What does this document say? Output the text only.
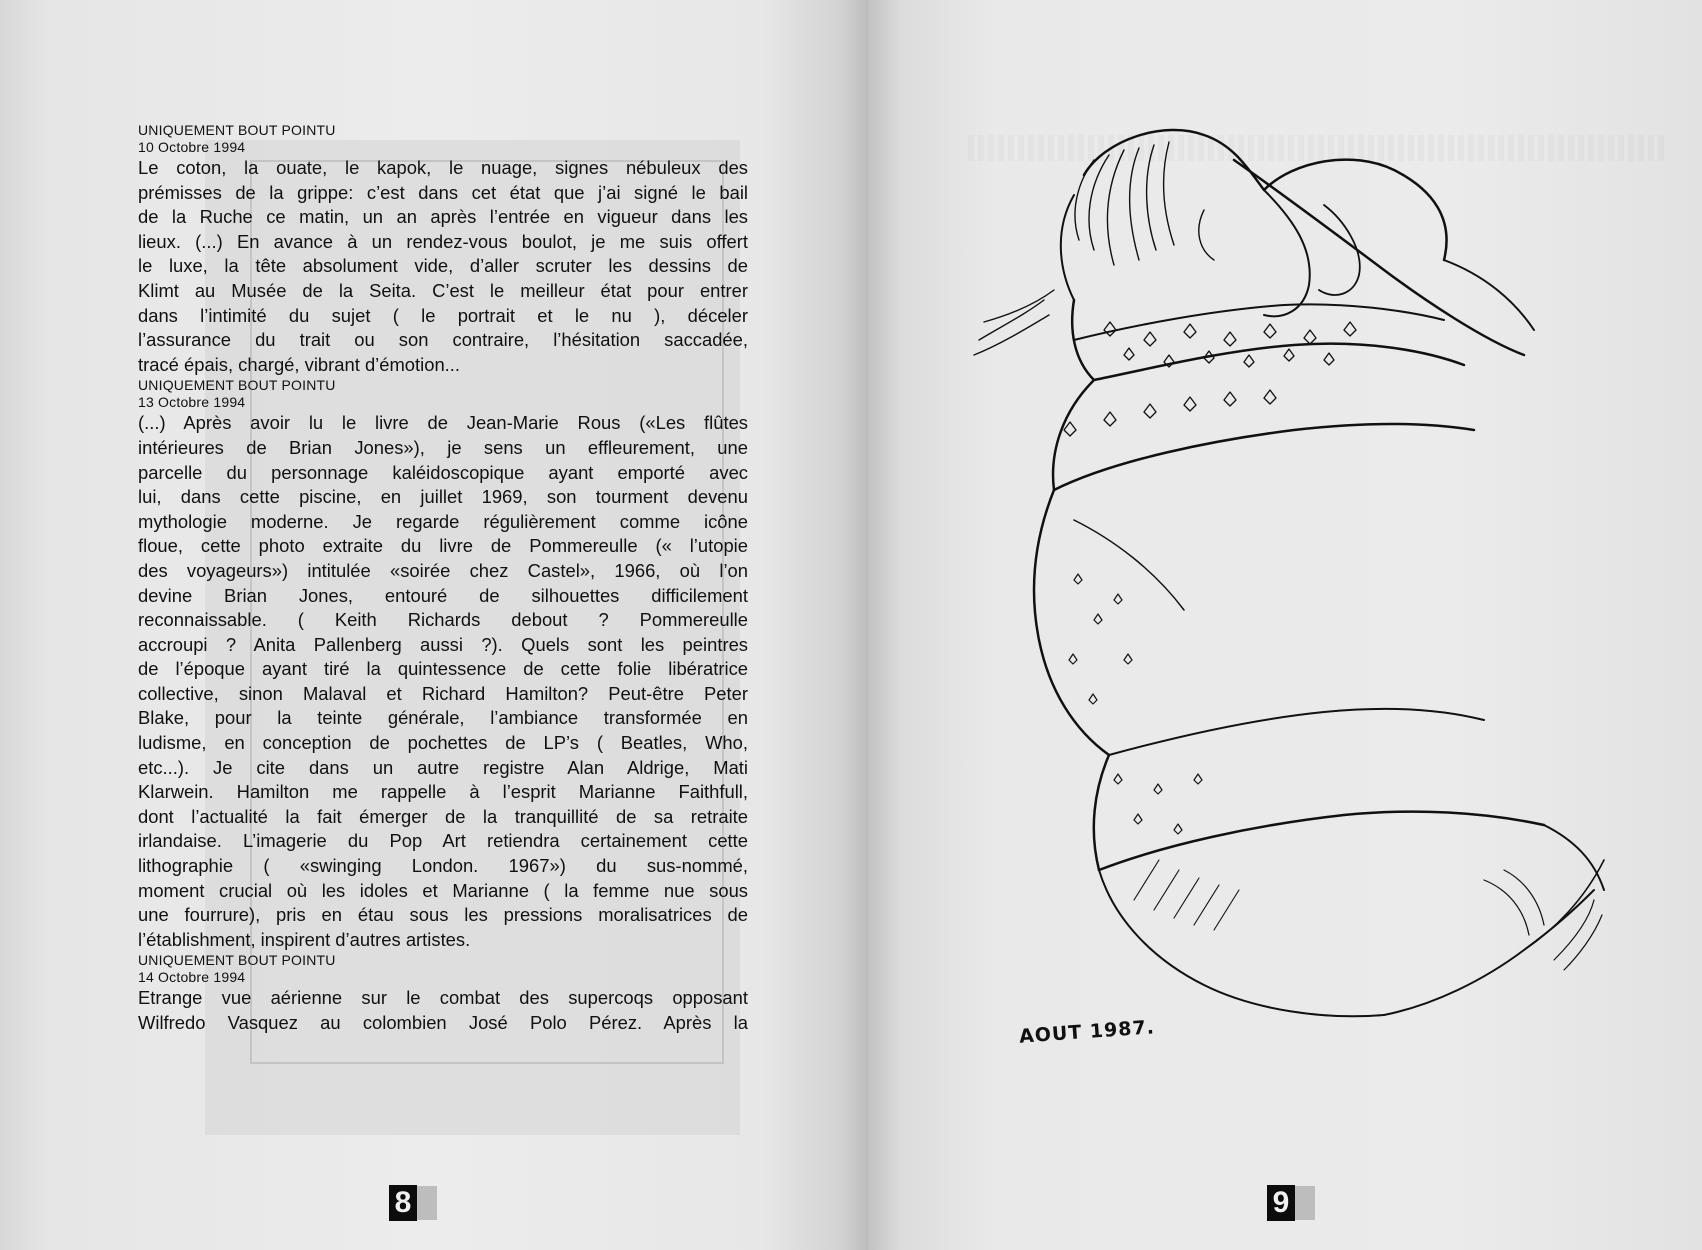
UNIQUEMENT BOUT POINTU
10 Octobre 1994
Le coton, la ouate, le kapok, le nuage, signes nébuleux des
prémisses de la grippe: c’est dans cet état que j’ai signé le bail
de la Ruche ce matin, un an après l’entrée en vigueur dans les
lieux. (...) En avance à un rendez-vous boulot, je me suis offert
le luxe, la tête absolument vide, d’aller scruter les dessins de
Klimt au Musée de la Seita. C’est le meilleur état pour entrer
dans l’intimité du sujet ( le portrait et le nu ), déceler
l’assurance du trait ou son contraire, l’hésitation saccadée,
tracé épais, chargé, vibrant d’émotion...
UNIQUEMENT BOUT POINTU
13 Octobre 1994
(...) Après avoir lu le livre de Jean-Marie Rous («Les flûtes
intérieures de Brian Jones»), je sens un effleurement, une
parcelle du personnage kaléidoscopique ayant emporté avec
lui, dans cette piscine, en juillet 1969, son tourment devenu
mythologie moderne. Je regarde régulièrement comme icône
floue, cette photo extraite du livre de Pommereulle (« l’utopie
des voyageurs») intitulée «soirée chez Castel», 1966, où l’on
devine Brian Jones, entouré de silhouettes difficilement
reconnaissable. ( Keith Richards debout ? Pommereulle
accroupi ? Anita Pallenberg aussi ?). Quels sont les peintres
de l’époque ayant tiré la quintessence de cette folie libératrice
collective, sinon Malaval et Richard Hamilton? Peut-être Peter
Blake, pour la teinte générale, l’ambiance transformée en
ludisme, en conception de pochettes de LP’s ( Beatles, Who,
etc...). Je cite dans un autre registre Alan Aldrige, Mati
Klarwein. Hamilton me rappelle à l’esprit Marianne Faithfull,
dont l’actualité la fait émerger de la tranquillité de sa retraite
irlandaise. L’imagerie du Pop Art retiendra certainement cette
lithographie ( «swinging London. 1967») du sus-nommé,
moment crucial où les idoles et Marianne ( la femme nue sous
une fourrure), pris en étau sous les pressions moralisatrices de
l’établishment, inspirent d’autres artistes.
UNIQUEMENT BOUT POINTU
14 Octobre 1994
Etrange vue aérienne sur le combat des supercoqs opposant
Wilfredo Vasquez au colombien José Polo Pérez. Après la
8
AOUT 1987.
9
